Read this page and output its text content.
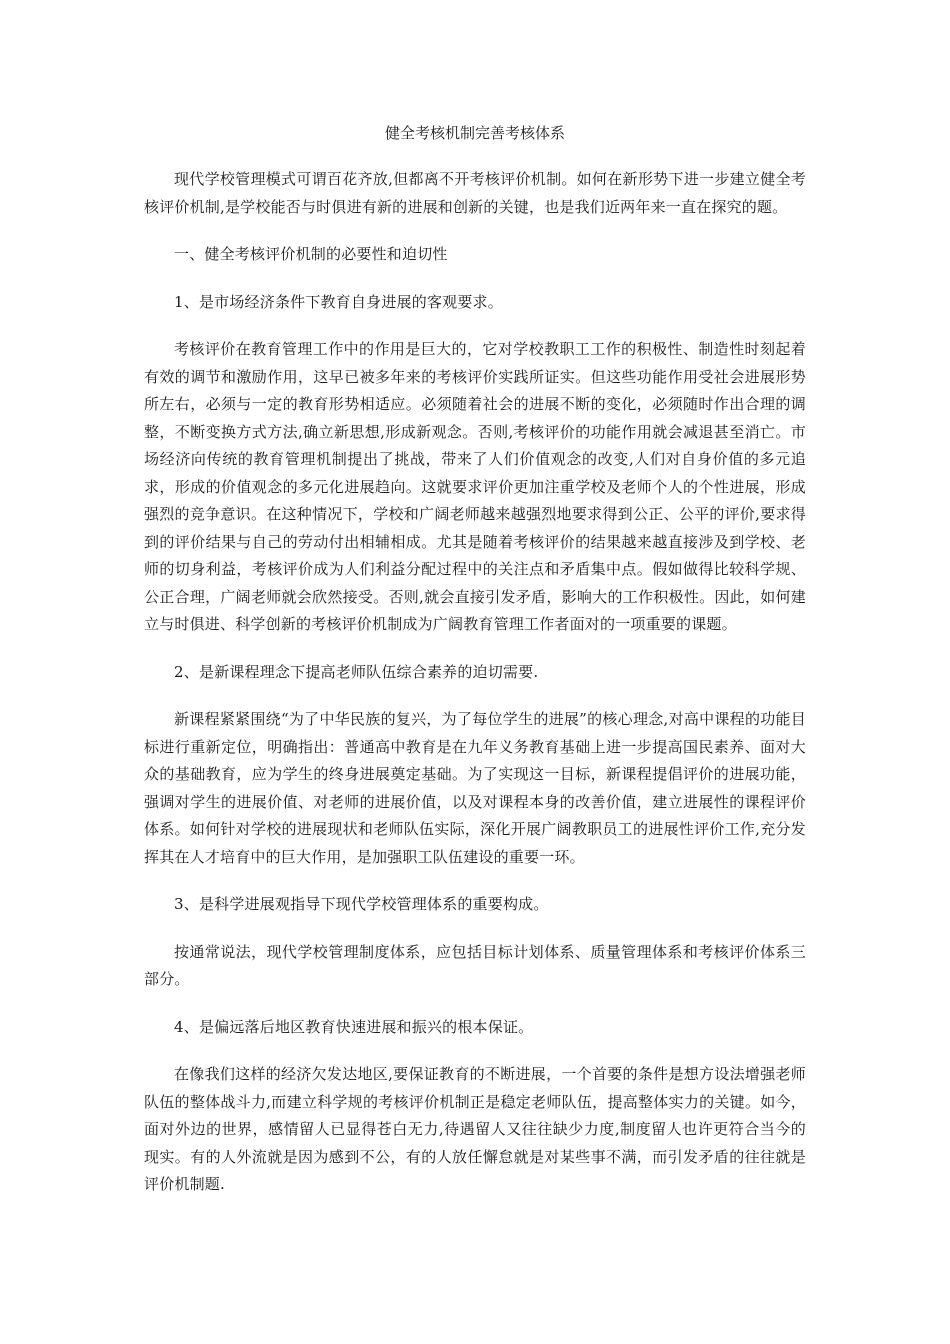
健全考核机制完善考核体系

现代学校管理模式可谓百花齐放,但都离不开考核评价机制。如何在新形势下进一步建立健全考核评价机制,是学校能否与时俱进有新的进展和创新的关键，也是我们近两年来一直在探究的题。

一、健全考核评价机制的必要性和迫切性

1、是市场经济条件下教育自身进展的客观要求。

考核评价在教育管理工作中的作用是巨大的，它对学校教职工工作的积极性、制造性时刻起着有效的调节和激励作用，这早已被多年来的考核评价实践所证实。但这些功能作用受社会进展形势所左右，必须与一定的教育形势相适应。必须随着社会的进展不断的变化，必须随时作出合理的调整，不断变换方式方法,确立新思想,形成新观念。否则,考核评价的功能作用就会减退甚至消亡。市场经济向传统的教育管理机制提出了挑战，带来了人们价值观念的改变,人们对自身价值的多元追求，形成的价值观念的多元化进展趋向。这就要求评价更加注重学校及老师个人的个性进展，形成强烈的竞争意识。在这种情况下，学校和广阔老师越来越强烈地要求得到公正、公平的评价,要求得到的评价结果与自己的劳动付出相辅相成。尤其是随着考核评价的结果越来越直接涉及到学校、老师的切身利益，考核评价成为人们利益分配过程中的关注点和矛盾集中点。假如做得比较科学规、公正合理，广阔老师就会欣然接受。否则,就会直接引发矛盾，影响大的工作积极性。因此，如何建立与时俱进、科学创新的考核评价机制成为广阔教育管理工作者面对的一项重要的课题。

2、是新课程理念下提高老师队伍综合素养的迫切需要.

新课程紧紧围绕“为了中华民族的复兴，为了每位学生的进展”的核心理念,对高中课程的功能目标进行重新定位，明确指出：普通高中教育是在九年义务教育基础上进一步提高国民素养、面对大众的基础教育，应为学生的终身进展奠定基础。为了实现这一目标，新课程提倡评价的进展功能，强调对学生的进展价值、对老师的进展价值，以及对课程本身的改善价值，建立进展性的课程评价体系。如何针对学校的进展现状和老师队伍实际，深化开展广阔教职员工的进展性评价工作,充分发挥其在人才培育中的巨大作用，是加强职工队伍建设的重要一环。

3、是科学进展观指导下现代学校管理体系的重要构成。

按通常说法，现代学校管理制度体系，应包括目标计划体系、质量管理体系和考核评价体系三部分。

4、是偏远落后地区教育快速进展和振兴的根本保证。

在像我们这样的经济欠发达地区,要保证教育的不断进展，一个首要的条件是想方设法增强老师队伍的整体战斗力,而建立科学规的考核评价机制正是稳定老师队伍，提高整体实力的关键。如今，面对外边的世界，感情留人已显得苍白无力,待遇留人又往往缺少力度,制度留人也许更符合当今的现实。有的人外流就是因为感到不公，有的人放任懈怠就是对某些事不满，而引发矛盾的往往就是评价机制题.
